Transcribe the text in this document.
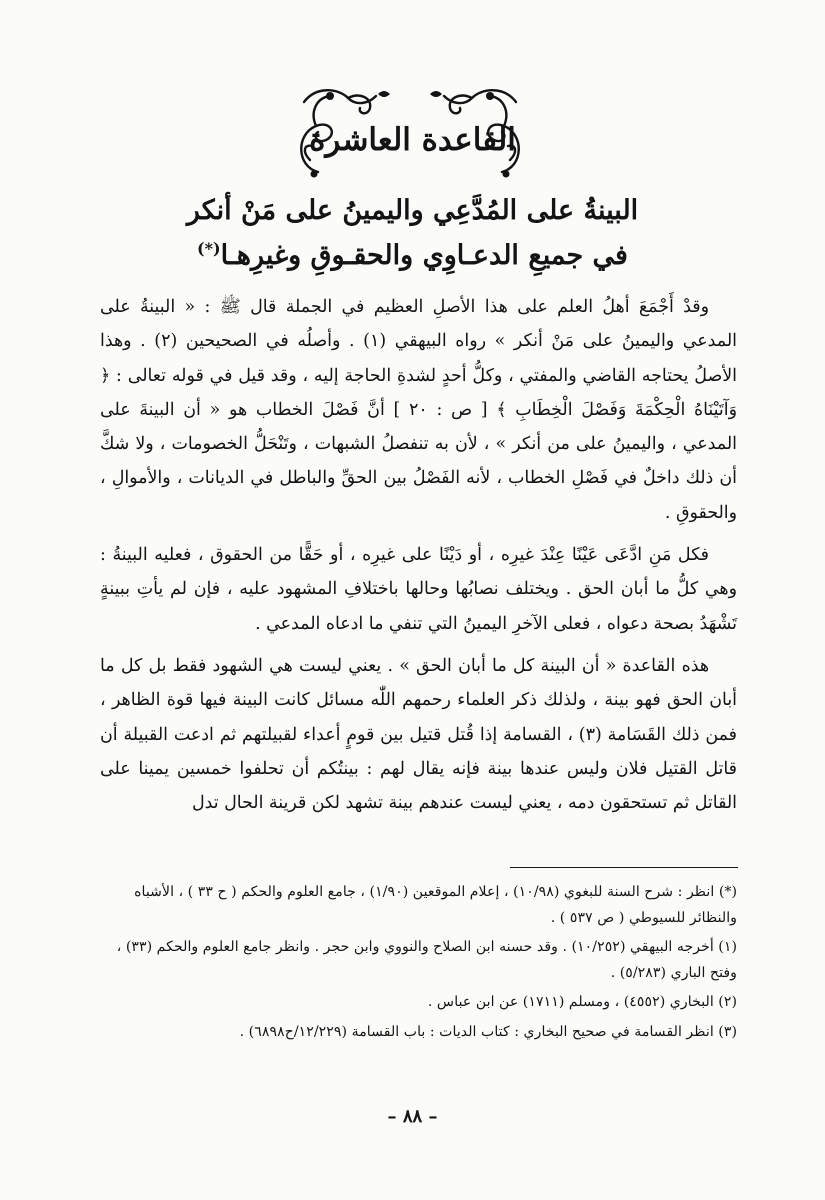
القاعدة العاشرة
البينةُ على المُدَّعِي واليمينُ على مَنْ أنكر
في جميعِ الدعـاوِي والحقـوقِ وغيرِهـا(*)

وقدْ أَجْمَعَ أهلُ العلم على هذا الأصلِ العظيم في الجملة قال ﷺ : « البينةُ على المدعي واليمينُ على مَنْ أنكر » رواه البيهقي (١) . وأصلُه في الصحيحين (٢) . وهذا الأصلُ يحتاجه القاضي والمفتي ، وكلُّ أحدٍ لشدةِ الحاجة إليه ، وقد قيل في قوله تعالى : ﴿ وَآتَيْنَاهُ الْحِكْمَةَ وَفَصْلَ الْخِطَابِ ﴾ [ ص : ٢٠ ] أنَّ فَصْلَ الخطاب هو « أن البينةَ على المدعي ، واليمينُ على من أنكر » ، لأن به تنفصلُ الشبهات ، وتَنْحَلُّ الخصومات ، ولا شكَّ أن ذلك داخلٌ في فَصْلِ الخطاب ، لأنه الفَصْلُ بين الحقِّ والباطل في الديانات ، والأموالِ ، والحقوقِ .

فكل مَنِ ادَّعَى عَيْنًا عِنْدَ غيرِه ، أو دَيْنًا على غيرِه ، أو حَقًّا من الحقوق ، فعليه البينةُ : وهي كلُّ ما أبان الحق . ويختلف نصابُها وحالها باختلافِ المشهود عليه ، فإن لم يأتِ ببينةٍ تَشْهَدُ بصحة دعواه ، فعلى الآخرِ اليمينُ التي تنفي ما ادعاه المدعي .

هذه القاعدة « أن البينة كل ما أبان الحق » . يعني ليست هي الشهود فقط بل كل ما أبان الحق فهو بينة ، ولذلك ذكر العلماء رحمهم اللّٰه مسائل كانت البينة فيها قوة الظاهر ، فمن ذلك القَسَامة (٣) ، القسامة إذا قُتل قتيل بين قومٍ أعداء لقبيلتهم ثم ادعت القبيلة أن قاتل القتيل فلان وليس عندها بينة فإنه يقال لهم : بينتُكم أن تحلفوا خمسين يمينا على القاتل ثم تستحقون دمه ، يعني ليست عندهم بينة تشهد لكن قرينة الحال تدل

(*) انظر : شرح السنة للبغوي (١٠/٩٨) ، إعلام الموقعين (١/٩٠) ، جامع العلوم والحكم ( ح ٣٣ ) ، الأشباه والنظائر للسيوطي ( ص ٥٣٧ ) .

(١) أخرجه البيهقي (١٠/٢٥٢) . وقد حسنه ابن الصلاح والنووي وابن حجر . وانظر جامع العلوم والحكم (٣٣) ، وفتح الباري (٥/٢٨٣) .

(٢) البخاري (٤٥٥٢) ، ومسلم (١٧١١) عن ابن عباس .

(٣) انظر القسامة في صحيح البخاري : كتاب الديات : باب القسامة (١٢/٢٢٩/ح٦٨٩٨) .

– ٨٨ –
